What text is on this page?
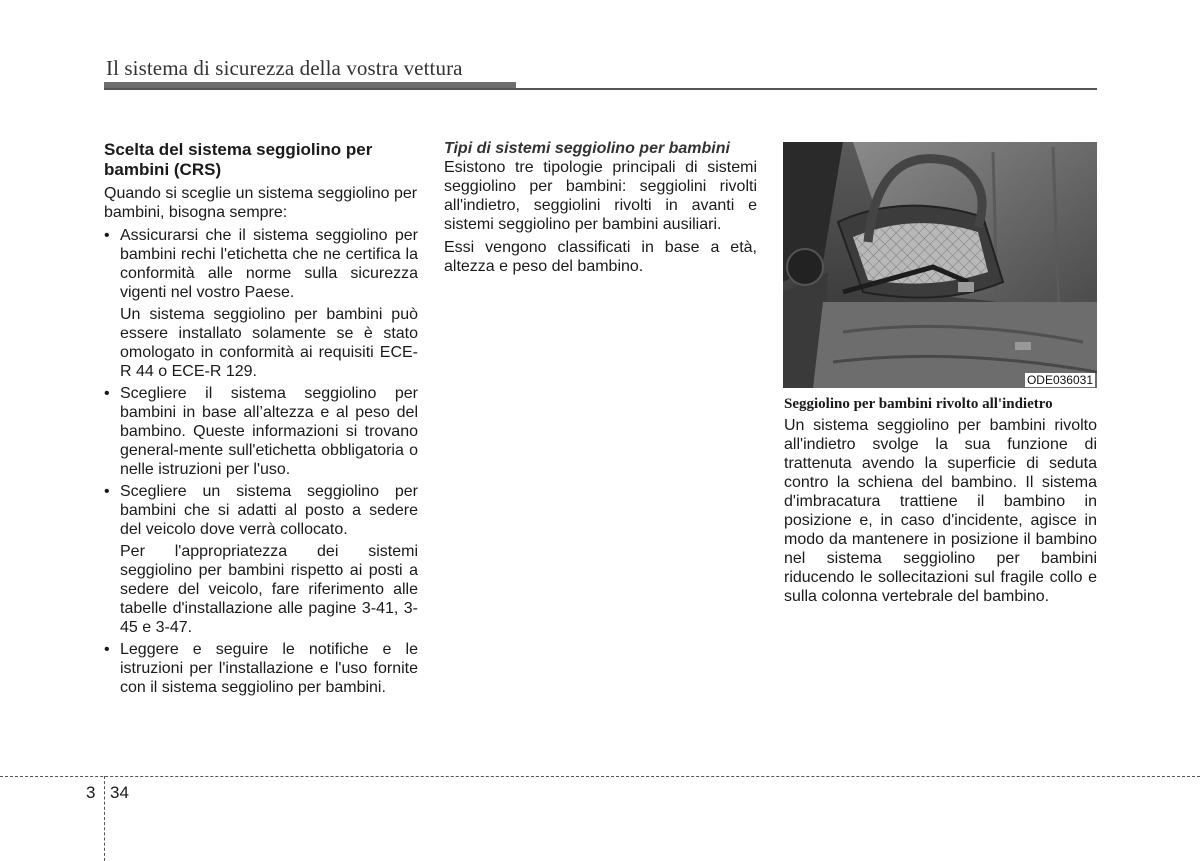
Il sistema di sicurezza della vostra vettura
Scelta del sistema seggiolino per bambini (CRS)

Quando si sceglie un sistema seggiolino per bambini, bisogna sempre:

• Assicurarsi che il sistema seggiolino per bambini rechi l'etichetta che ne certifica la conformità alle norme sulla sicurezza vigenti nel vostro Paese.

Un sistema seggiolino per bambini può essere installato solamente se è stato omologato in conformità ai requisiti ECE-R 44 o ECE-R 129.

• Scegliere il sistema seggiolino per bambini in base all’altezza e al peso del bambino. Queste informazioni si trovano general-mente sull'etichetta obbligatoria o nelle istruzioni per l'uso.
• Scegliere un sistema seggiolino per bambini che si adatti al posto a sedere del veicolo dove verrà collocato.

Per l'appropriatezza dei sistemi seggiolino per bambini rispetto ai posti a sedere del veicolo, fare riferimento alle tabelle d'installazione alle pagine 3-41, 3-45 e 3-47.

• Leggere e seguire le notifiche e le istruzioni per l'installazione e l'uso fornite con il sistema seggiolino per bambini.

Tipi di sistemi seggiolino per bambini

Esistono tre tipologie principali di sistemi seggiolino per bambini: seggiolini rivolti all'indietro, seggiolini rivolti in avanti e sistemi seggiolino per bambini ausiliari.

Essi vengono classificati in base a età, altezza e peso del bambino.

ODE036031

Seggiolino per bambini rivolto all'indietro

Un sistema seggiolino per bambini rivolto all'indietro svolge la sua funzione di trattenuta avendo la superficie di seduta contro la schiena del bambino. Il sistema d'imbracatura trattiene il bambino in posizione e, in caso d'incidente, agisce in modo da mantenere in posizione il bambino nel sistema seggiolino per bambini riducendo le sollecitazioni sul fragile collo e sulla colonna vertebrale del bambino.

3 34
